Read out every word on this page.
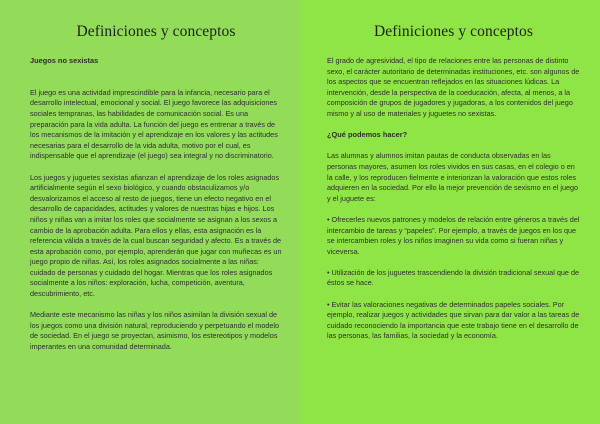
Definiciones y conceptos

Juegos no sexistas

El juego es una actividad imprescindible para la infancia, necesario para el desarrollo intelectual, emocional y social. El juego favorece las adquisiciones sociales tempranas, las habilidades de comunicación social. Es una preparación para la vida adulta. La función del juego es entrenar a través de los mecanismos de la imitación y el aprendizaje en los valores y las actitudes necesarias para el desarrollo de la vida adulta, motivo por el cual, es indispensable que el aprendizaje (el juego) sea integral y no discriminatorio.

Los juegos y juguetes sexistas afianzan el aprendizaje de los roles asignados artificialmente según el sexo biológico, y cuando obstaculizamos y/o desvalorizamos el acceso al resto de juegos, tiene un efecto negativo en el desarrollo de capacidades, actitudes y valores de nuestras hijas e hijos. Los niños y niñas van a imitar los roles que socialmente se asignan a los sexos a cambio de la aprobación adulta. Para ellos y ellas, esta asignación es la referencia válida a través de la cual buscan seguridad y afecto. Es a través de esta aprobación como, por ejemplo, aprenderán que jugar con muñecas es un juego propio de niñas. Así, los roles asignados socialmente a las niñas: cuidado de personas y cuidado del hogar. Mientras que los roles asignados socialmente a los niños: exploración, lucha, competición, aventura, descubrimiento, etc.

Mediante este mecanismo las niñas y los niños asimilan la división sexual de los juegos como una división natural, reproduciendo y perpetuando el modelo de sociedad. En el juego se proyectan, asimismo, los estereotipos y modelos imperantes en una comunidad determinada.

Definiciones y conceptos

El grado de agresividad, el tipo de relaciones entre las personas de distinto sexo, el carácter autoritario de determinadas instituciones, etc. son algunos de los aspectos que se encuentran reflejados en las situaciones lúdicas. La intervención, desde la perspectiva de la coeducación, afecta, al menos, a la composición de grupos de jugadores y jugadoras, a los contenidos del juego mismo y al uso de materiales y juguetes no sexistas.

¿Qué podemos hacer?

Las alumnas y alumnos imitan pautas de conducta observadas en las personas mayores, asumen los roles vividos en sus casas, en el colegio o en la calle, y los reproducen fielmente e interiorizan la valoración que estos roles adquieren en la sociedad. Por ello la mejor prevención de sexismo en el juego y el juguete es:

• Ofrecerles nuevos patrones y modelos de relación entre géneros a través del intercambio de tareas y “papeles”. Por ejemplo, a través de juegos en los que se intercambien roles y los niños imaginen su vida como si fueran niñas y viceversa.

• Utilización de los juguetes trascendiendo la división tradicional sexual que de éstos se hace.

• Evitar las valoraciones negativas de determinados papeles sociales. Por ejemplo, realizar juegos y actividades que sirvan para dar valor a las tareas de cuidado reconociendo la importancia que este trabajo tiene en el desarrollo de las personas, las familias, la sociedad y la economía.
